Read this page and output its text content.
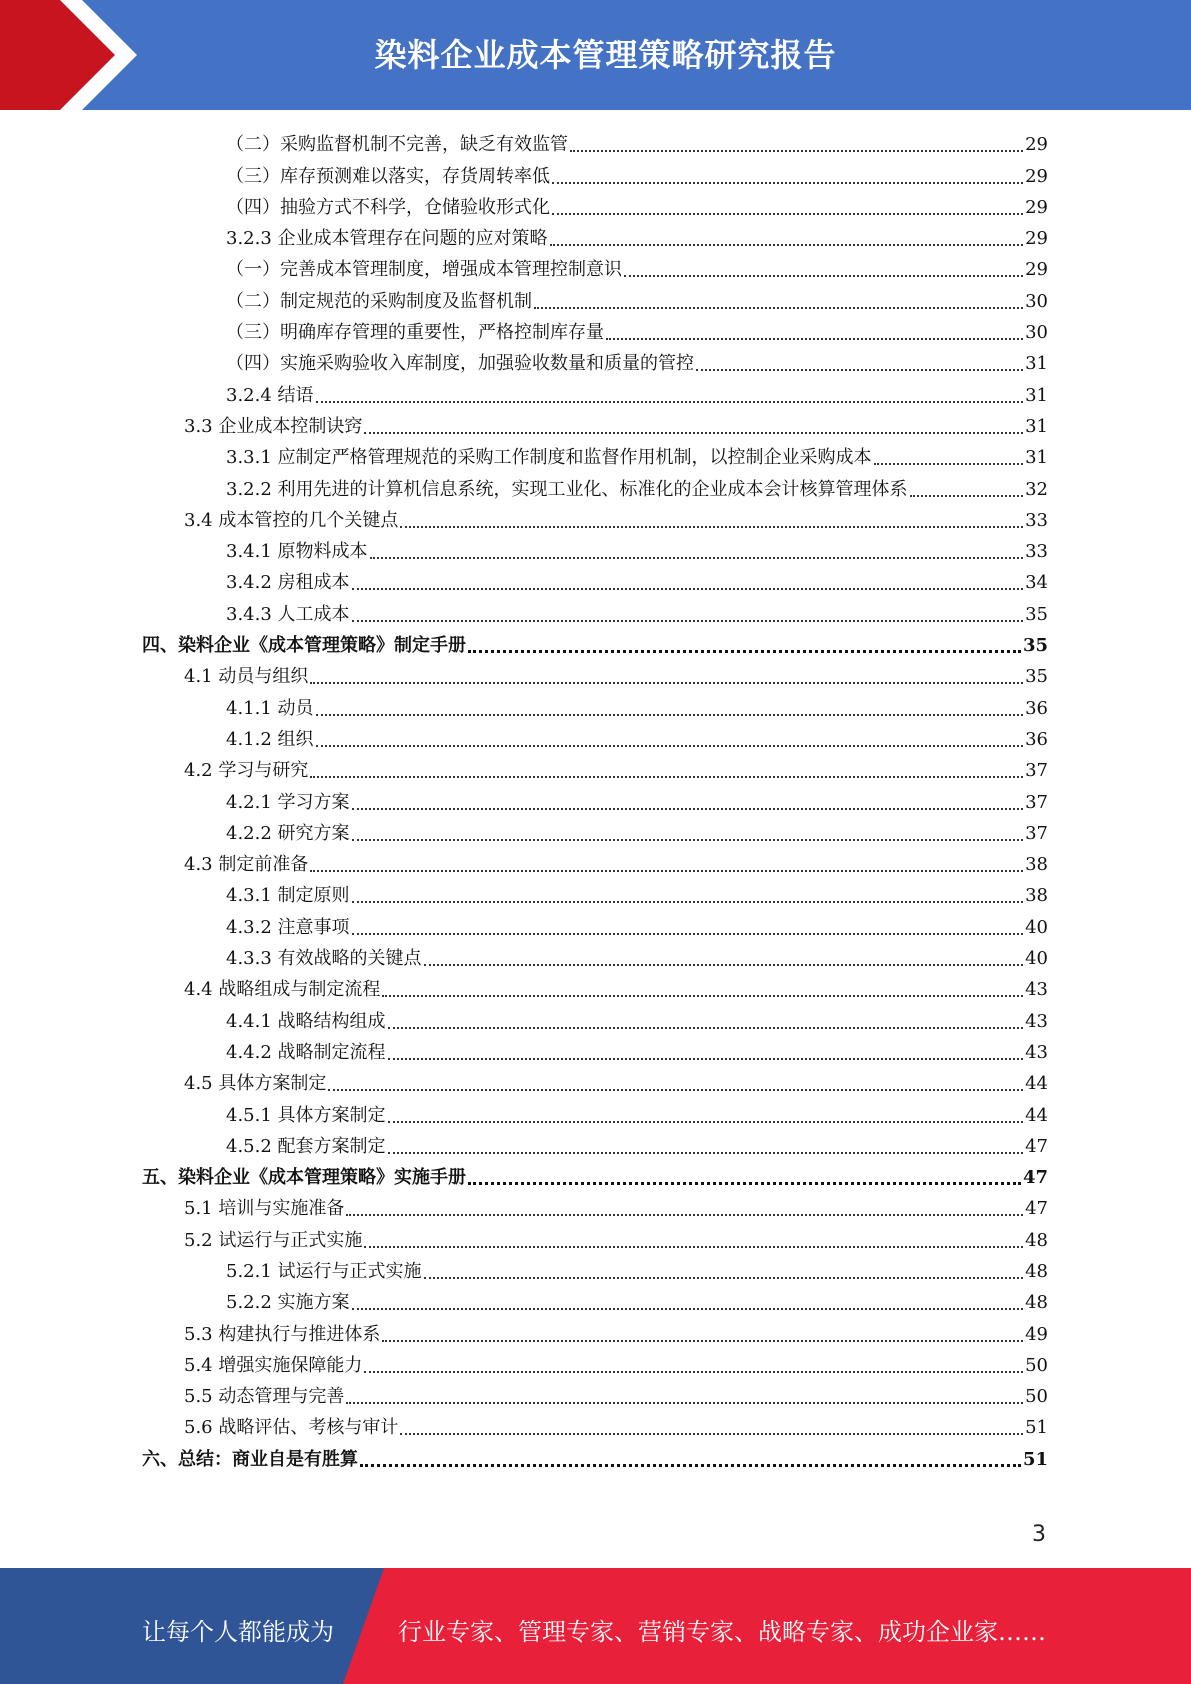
染料企业成本管理策略研究报告
（二）采购监督机制不完善，缺乏有效监管	29
（三）库存预测难以落实，存货周转率低	29
（四）抽验方式不科学，仓储验收形式化	29
3.2.3 企业成本管理存在问题的应对策略	29
（一）完善成本管理制度，增强成本管理控制意识	29
（二）制定规范的采购制度及监督机制	30
（三）明确库存管理的重要性，严格控制库存量	30
（四）实施采购验收入库制度，加强验收数量和质量的管控	31
3.2.4 结语	31
3.3 企业成本控制诀窍	31
3.3.1 应制定严格管理规范的采购工作制度和监督作用机制，以控制企业采购成本	31
3.2.2 利用先进的计算机信息系统，实现工业化、标准化的企业成本会计核算管理体系	32
3.4 成本管控的几个关键点	33
3.4.1 原物料成本	33
3.4.2 房租成本	34
3.4.3 人工成本	35
四、染料企业《成本管理策略》制定手册	35
4.1 动员与组织	35
4.1.1 动员	36
4.1.2 组织	36
4.2 学习与研究	37
4.2.1 学习方案	37
4.2.2 研究方案	37
4.3 制定前准备	38
4.3.1 制定原则	38
4.3.2 注意事项	40
4.3.3 有效战略的关键点	40
4.4 战略组成与制定流程	43
4.4.1 战略结构组成	43
4.4.2 战略制定流程	43
4.5 具体方案制定	44
4.5.1 具体方案制定	44
4.5.2 配套方案制定	47
五、染料企业《成本管理策略》实施手册	47
5.1 培训与实施准备	47
5.2 试运行与正式实施	48
5.2.1 试运行与正式实施	48
5.2.2 实施方案	48
5.3 构建执行与推进体系	49
5.4 增强实施保障能力	50
5.5 动态管理与完善	50
5.6 战略评估、考核与审计	51
六、总结：商业自是有胜算	51
3
让每个人都能成为	行业专家、管理专家、营销专家、战略专家、成功企业家……
